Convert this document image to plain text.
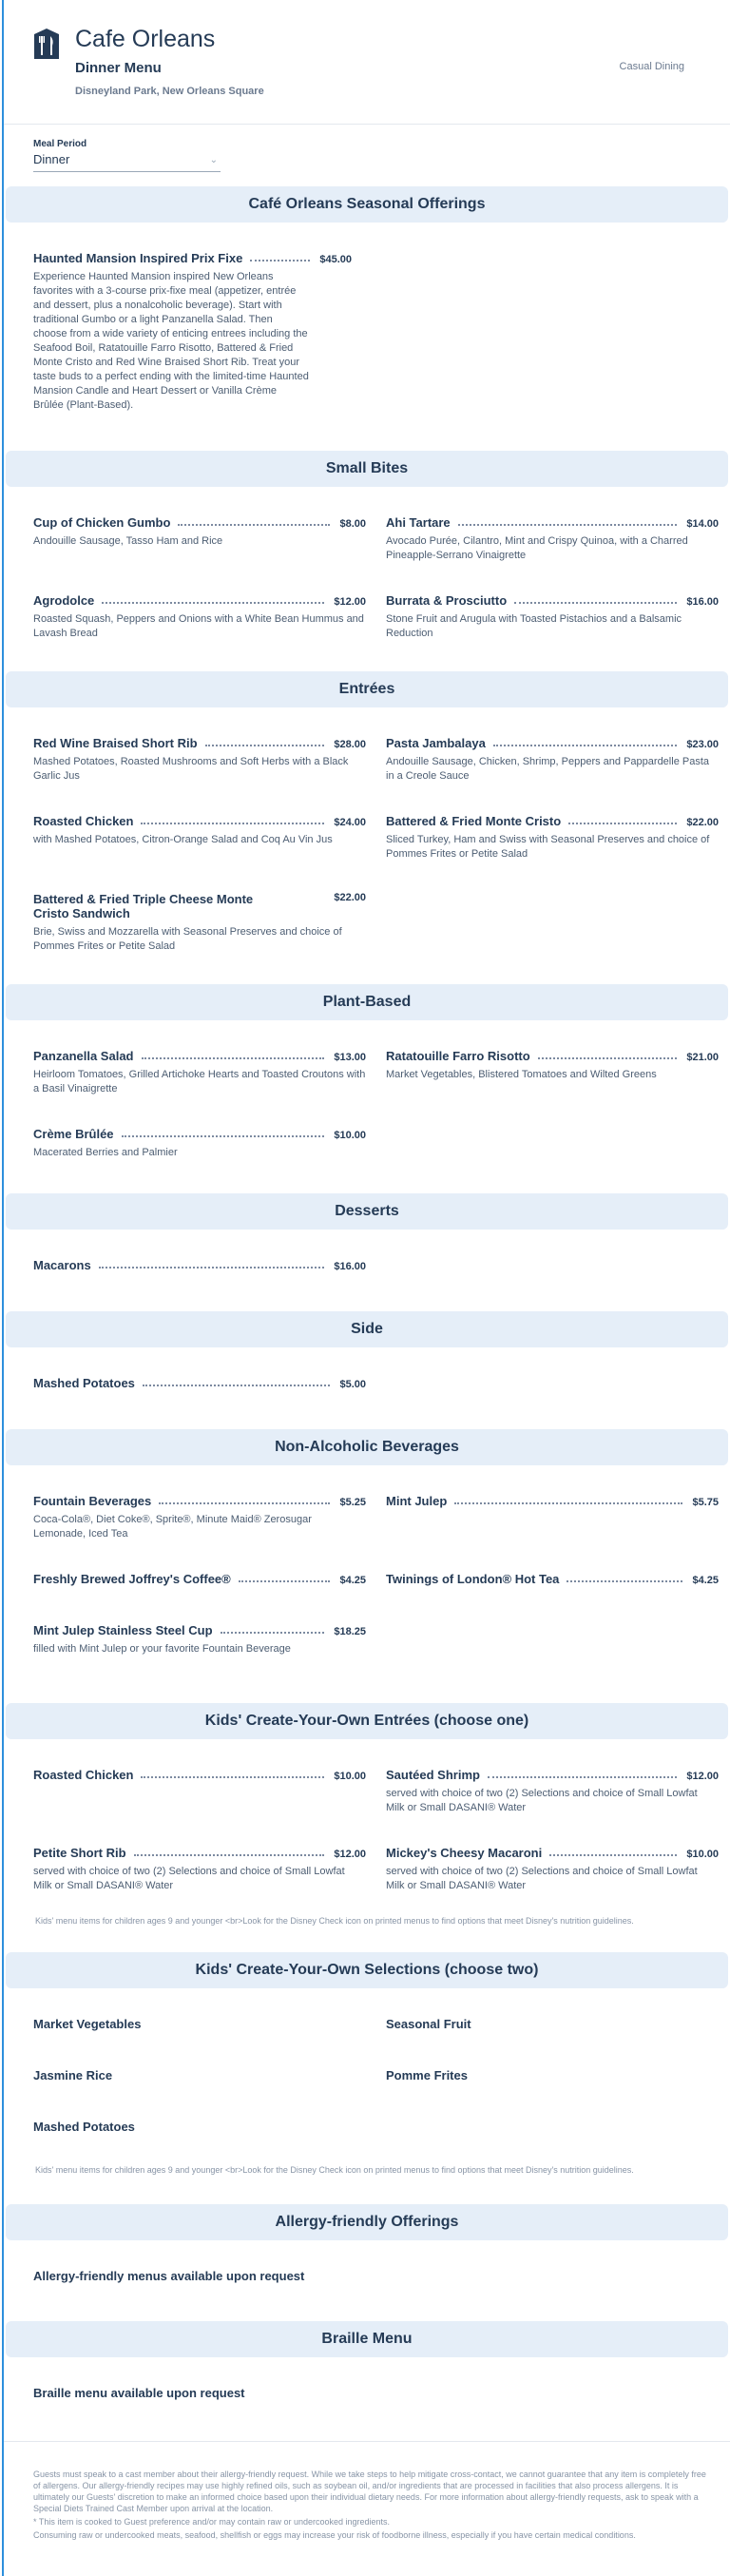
Cafe Orleans
Dinner Menu
Disneyland Park, New Orleans Square
Casual Dining
Meal Period
Dinner	⌄
Café Orleans Seasonal Offerings
Haunted Mansion Inspired Prix Fixe	$45.00
Experience Haunted Mansion inspired New Orleans favorites with a 3-course prix-fixe meal (appetizer, entrée and dessert, plus a nonalcoholic beverage). Start with traditional Gumbo or a light Panzanella Salad. Then choose from a wide variety of enticing entrees including the Seafood Boil, Ratatouille Farro Risotto, Battered & Fried Monte Cristo and Red Wine Braised Short Rib. Treat your taste buds to a perfect ending with the limited-time Haunted Mansion Candle and Heart Dessert or Vanilla Crème Brûlée (Plant-Based).
Small Bites
Cup of Chicken Gumbo	$8.00
Andouille Sausage, Tasso Ham and Rice
Ahi Tartare	$14.00
Avocado Purée, Cilantro, Mint and Crispy Quinoa, with a Charred Pineapple-Serrano Vinaigrette
Agrodolce	$12.00
Roasted Squash, Peppers and Onions with a White Bean Hummus and Lavash Bread
Burrata & Prosciutto	$16.00
Stone Fruit and Arugula with Toasted Pistachios and a Balsamic Reduction
Entrées
Red Wine Braised Short Rib	$28.00
Mashed Potatoes, Roasted Mushrooms and Soft Herbs with a Black Garlic Jus
Pasta Jambalaya	$23.00
Andouille Sausage, Chicken, Shrimp, Peppers and Pappardelle Pasta in a Creole Sauce
Roasted Chicken	$24.00
with Mashed Potatoes, Citron-Orange Salad and Coq Au Vin Jus
Battered & Fried Monte Cristo	$22.00
Sliced Turkey, Ham and Swiss with Seasonal Preserves and choice of Pommes Frites or Petite Salad
Battered & Fried Triple Cheese Monte Cristo Sandwich
$22.00
Brie, Swiss and Mozzarella with Seasonal Preserves and choice of Pommes Frites or Petite Salad
Plant-Based
Panzanella Salad	$13.00
Heirloom Tomatoes, Grilled Artichoke Hearts and Toasted Croutons with a Basil Vinaigrette
Ratatouille Farro Risotto	$21.00
Market Vegetables, Blistered Tomatoes and Wilted Greens
Crème Brûlée	$10.00
Macerated Berries and Palmier
Desserts
Macarons	$16.00
Side
Mashed Potatoes	$5.00
Non-Alcoholic Beverages
Fountain Beverages	$5.25
Coca-Cola®, Diet Coke®, Sprite®, Minute Maid® Zerosugar Lemonade, Iced Tea
Mint Julep	$5.75
Freshly Brewed Joffrey's Coffee®	$4.25 Twinings of London® Hot Tea	$4.25
Mint Julep Stainless Steel Cup	$18.25
filled with Mint Julep or your favorite Fountain Beverage
Kids' Create-Your-Own Entrées (choose one)
Roasted Chicken	$10.00 Sautéed Shrimp	$12.00
served with choice of two (2) Selections and choice of Small Lowfat Milk or Small DASANI® Water
Petite Short Rib	$12.00
served with choice of two (2) Selections and choice of Small Lowfat Milk or Small DASANI® Water
Mickey's Cheesy Macaroni	$10.00
served with choice of two (2) Selections and choice of Small Lowfat Milk or Small DASANI® Water
Kids' menu items for children ages 9 and younger <br>Look for the Disney Check icon on printed menus to find options that meet Disney's nutrition guidelines.
Kids' Create-Your-Own Selections (choose two)
Market Vegetables	Seasonal Fruit
Jasmine Rice	Pomme Frites
Mashed Potatoes
Kids' menu items for children ages 9 and younger <br>Look for the Disney Check icon on printed menus to find options that meet Disney's nutrition guidelines.
Allergy-friendly Offerings
Allergy-friendly menus available upon request
Braille Menu
Braille menu available upon request

Guests must speak to a cast member about their allergy-friendly request. While we take steps to help mitigate cross-contact, we cannot guarantee that any item is completely free of allergens. Our allergy-friendly recipes may use highly refined oils, such as soybean oil, and/or ingredients that are processed in facilities that also process allergens. It is ultimately our Guests' discretion to make an informed choice based upon their individual dietary needs. For more information about allergy-friendly requests, ask to speak with a Special Diets Trained Cast Member upon arrival at the location.

* This item is cooked to Guest preference and/or may contain raw or undercooked ingredients.

Consuming raw or undercooked meats, seafood, shellfish or eggs may increase your risk of foodborne illness, especially if you have certain medical conditions.
